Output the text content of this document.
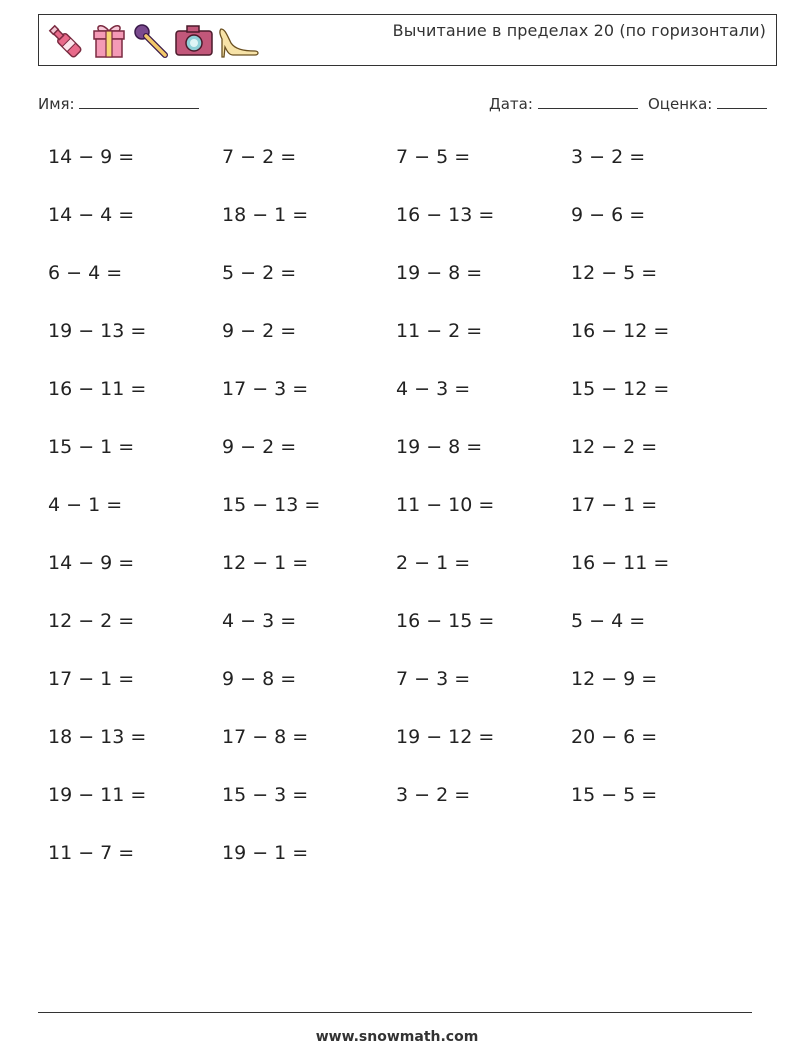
Вычитание в пределах 20 (по горизонтали)
Имя:	Дата:	Оценка:
14 − 9 =	7 − 2 =	7 − 5 =	3 − 2 =
14 − 4 =	18 − 1 =	16 − 13 =	9 − 6 =
6 − 4 =	5 − 2 =	19 − 8 =	12 − 5 =
19 − 13 =	9 − 2 =	11 − 2 =	16 − 12 =
16 − 11 =	17 − 3 =	4 − 3 =	15 − 12 =
15 − 1 =	9 − 2 =	19 − 8 =	12 − 2 =
4 − 1 =	15 − 13 =	11 − 10 =	17 − 1 =
14 − 9 =	12 − 1 =	2 − 1 =	16 − 11 =
12 − 2 =	4 − 3 =	16 − 15 =	5 − 4 =
17 − 1 =	9 − 8 =	7 − 3 =	12 − 9 =
18 − 13 =	17 − 8 =	19 − 12 =	20 − 6 =
19 − 11 =	15 − 3 =	3 − 2 =	15 − 5 =
11 − 7 =	19 − 1 =
www.snowmath.com
